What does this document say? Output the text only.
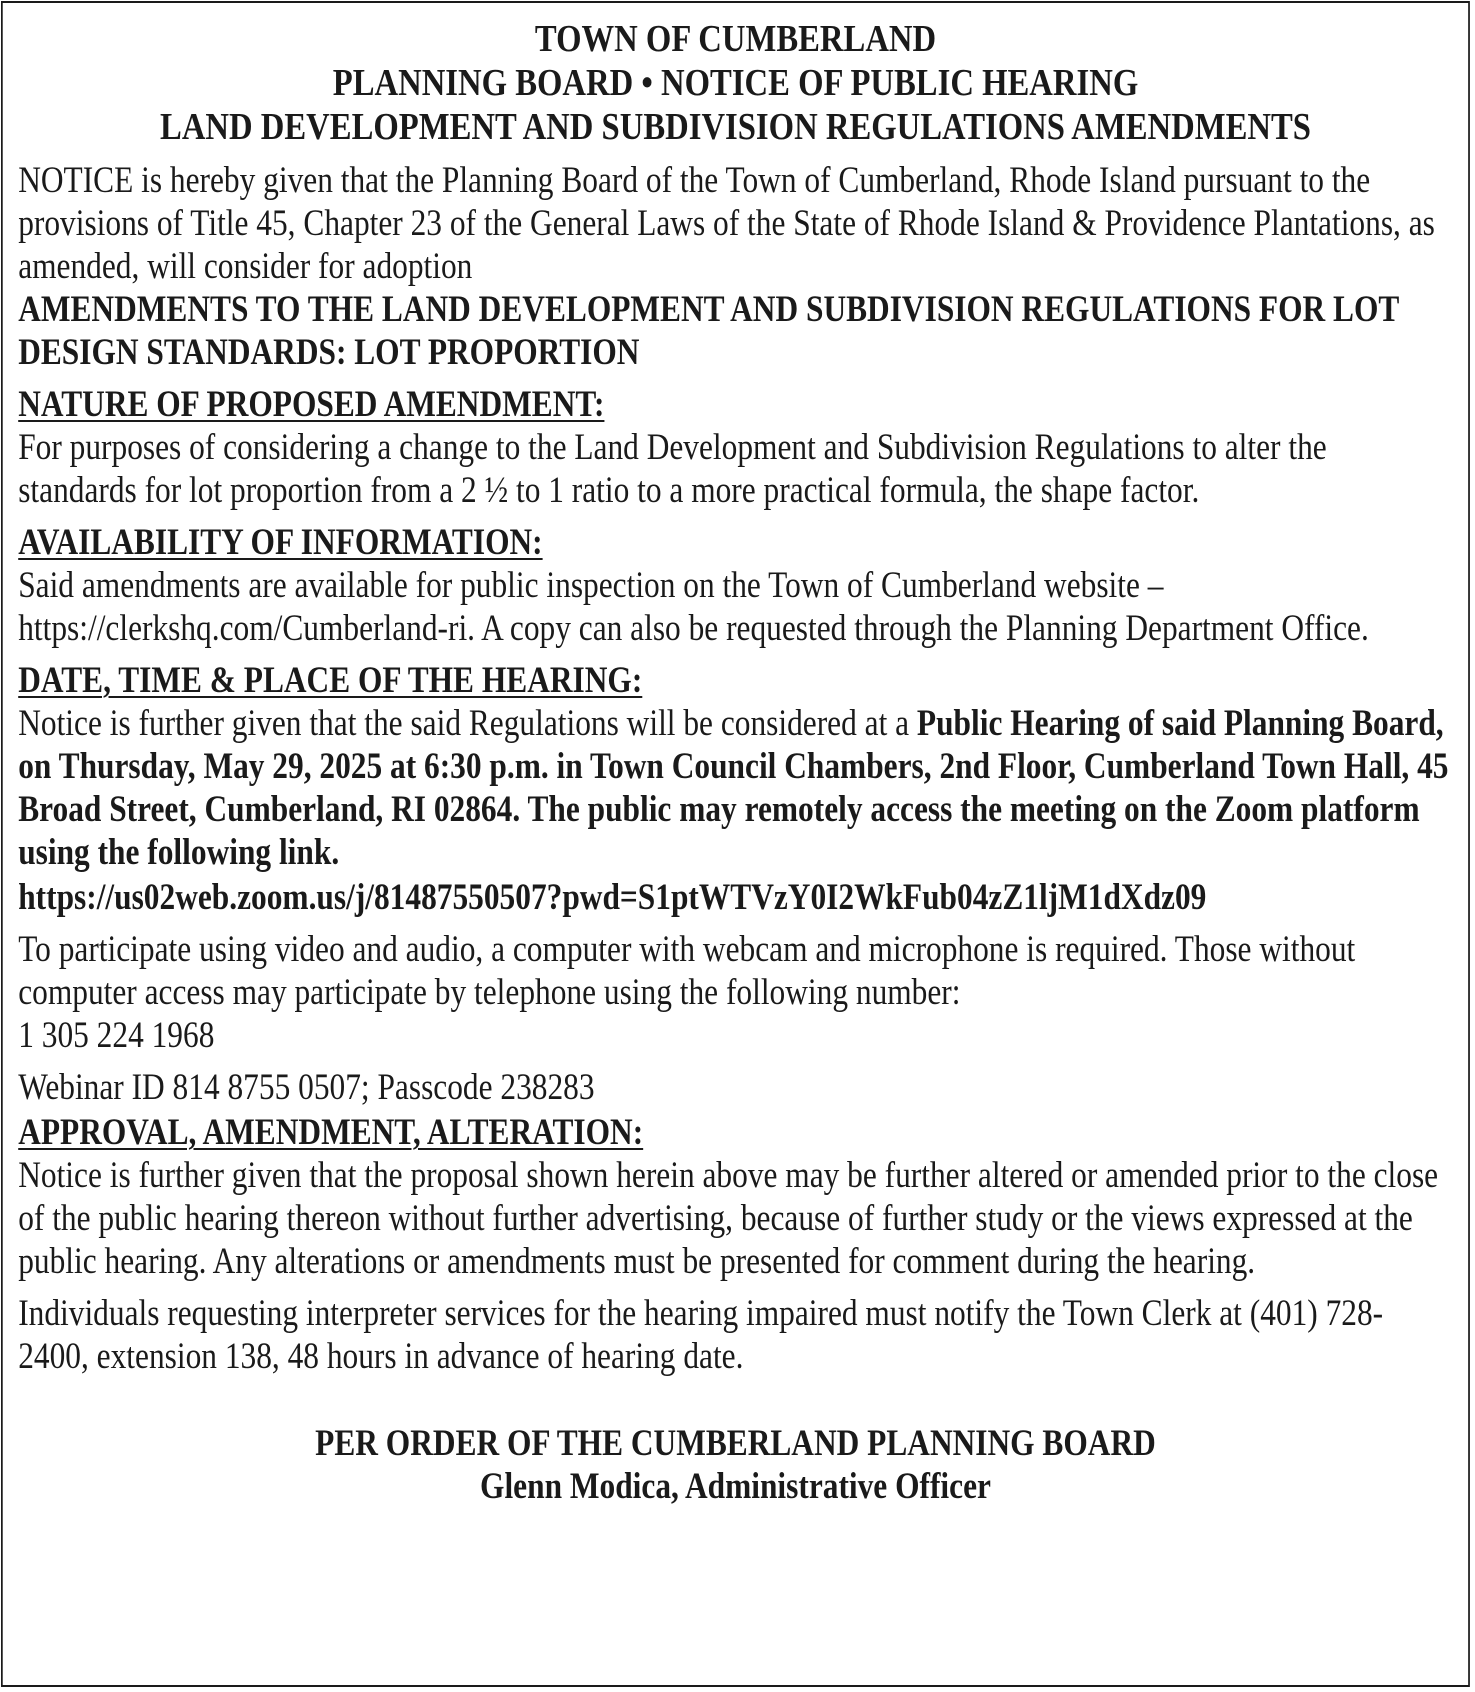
TOWN OF CUMBERLAND
PLANNING BOARD • NOTICE OF PUBLIC HEARING
LAND DEVELOPMENT AND SUBDIVISION REGULATIONS AMENDMENTS

NOTICE is hereby given that the Planning Board of the Town of Cumberland, Rhode Island pursuant to the provisions of Title 45, Chapter 23 of the General Laws of the State of Rhode Island & Providence Plantations, as amended, will consider for adoption

AMENDMENTS TO THE LAND DEVELOPMENT AND SUBDIVISION REGULATIONS FOR LOT DESIGN STANDARDS: LOT PROPORTION

NATURE OF PROPOSED AMENDMENT:

For purposes of considering a change to the Land Development and Subdivision Regulations to alter the standards for lot proportion from a 2 ½ to 1 ratio to a more practical formula, the shape factor.

AVAILABILITY OF INFORMATION:

Said amendments are available for public inspection on the Town of Cumberland website – https://clerkshq.com/Cumberland-ri. A copy can also be requested through the Planning Department Office.

DATE, TIME & PLACE OF THE HEARING:

Notice is further given that the said Regulations will be considered at a Public Hearing of said Planning Board, on Thursday, May 29, 2025 at 6:30 p.m. in Town Council Chambers, 2nd Floor, Cumberland Town Hall, 45 Broad Street, Cumberland, RI 02864. The public may remotely access the meeting on the Zoom platform using the following link.

https://us02web.zoom.us/j/81487550507?pwd=S1ptWTVzY0I2WkFub04zZ1ljM1dXdz09

To participate using video and audio, a computer with webcam and microphone is required. Those without computer access may participate by telephone using the following number:

1 305 224 1968

Webinar ID 814 8755 0507; Passcode 238283

APPROVAL, AMENDMENT, ALTERATION:

Notice is further given that the proposal shown herein above may be further altered or amended prior to the close of the public hearing thereon without further advertising, because of further study or the views expressed at the public hearing. Any alterations or amendments must be presented for comment during the hearing.

Individuals requesting interpreter services for the hearing impaired must notify the Town Clerk at (401) 728-2400, extension 138, 48 hours in advance of hearing date.

PER ORDER OF THE CUMBERLAND PLANNING BOARD
Glenn Modica, Administrative Officer
